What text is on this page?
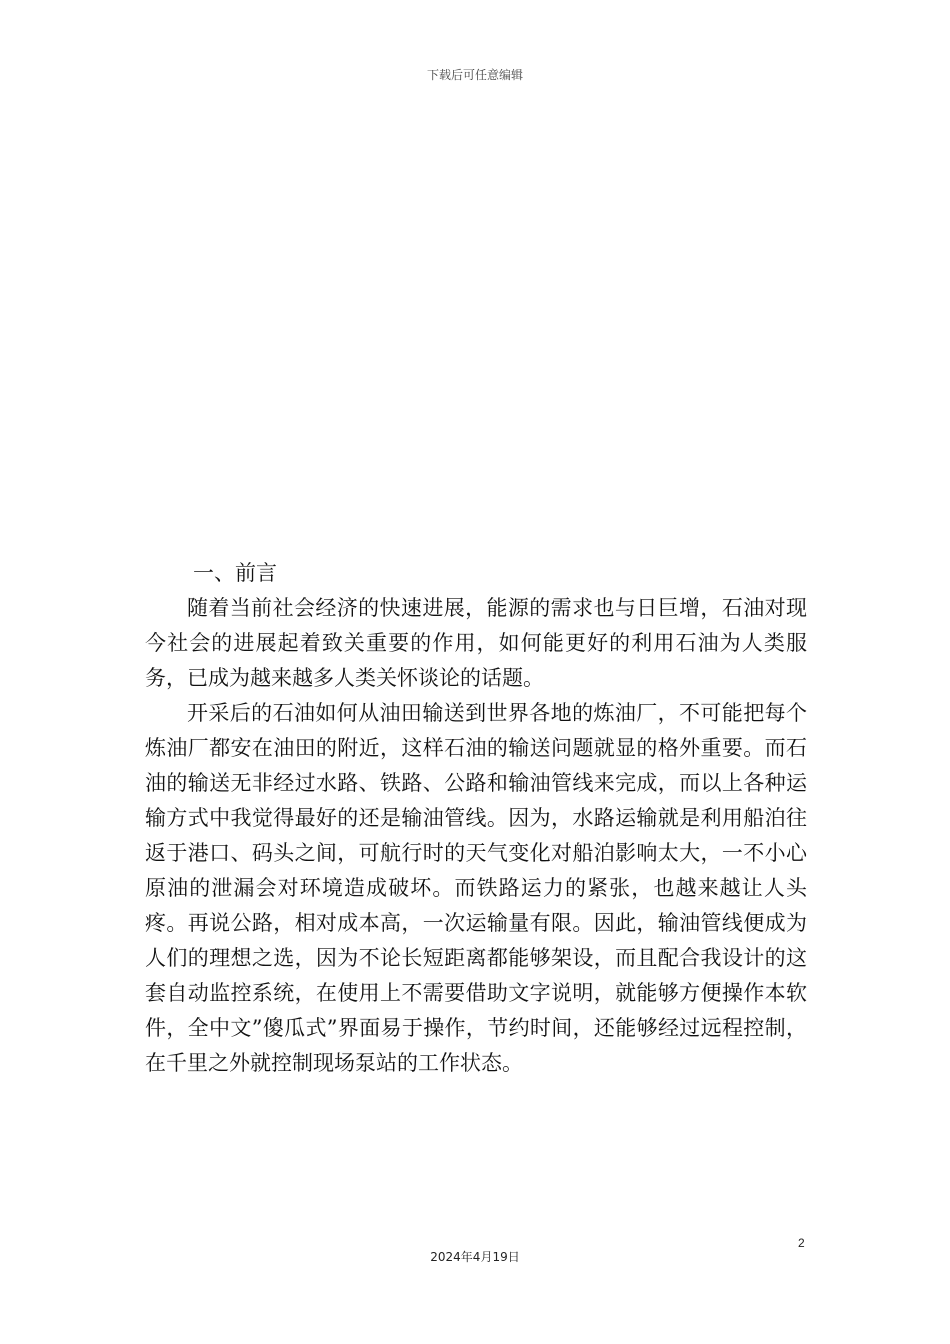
下载后可任意编辑

一、前言

随着当前社会经济的快速进展，能源的需求也与日巨增，石油对现今社会的进展起着致关重要的作用，如何能更好的利用石油为人类服务，已成为越来越多人类关怀谈论的话题。

开采后的石油如何从油田输送到世界各地的炼油厂，不可能把每个炼油厂都安在油田的附近，这样石油的输送问题就显的格外重要。而石油的输送无非经过水路、铁路、公路和输油管线来完成，而以上各种运输方式中我觉得最好的还是输油管线。因为，水路运输就是利用船泊往返于港口、码头之间，可航行时的天气变化对船泊影响太大，一不小心原油的泄漏会对环境造成破坏。而铁路运力的紧张，也越来越让人头疼。再说公路，相对成本高，一次运输量有限。因此，输油管线便成为人们的理想之选，因为不论长短距离都能够架设，而且配合我设计的这套自动监控系统，在使用上不需要借助文字说明，就能够方便操作本软件，全中文”傻瓜式”界面易于操作，节约时间，还能够经过远程控制，在千里之外就控制现场泵站的工作状态。

2
2024年4月19日
